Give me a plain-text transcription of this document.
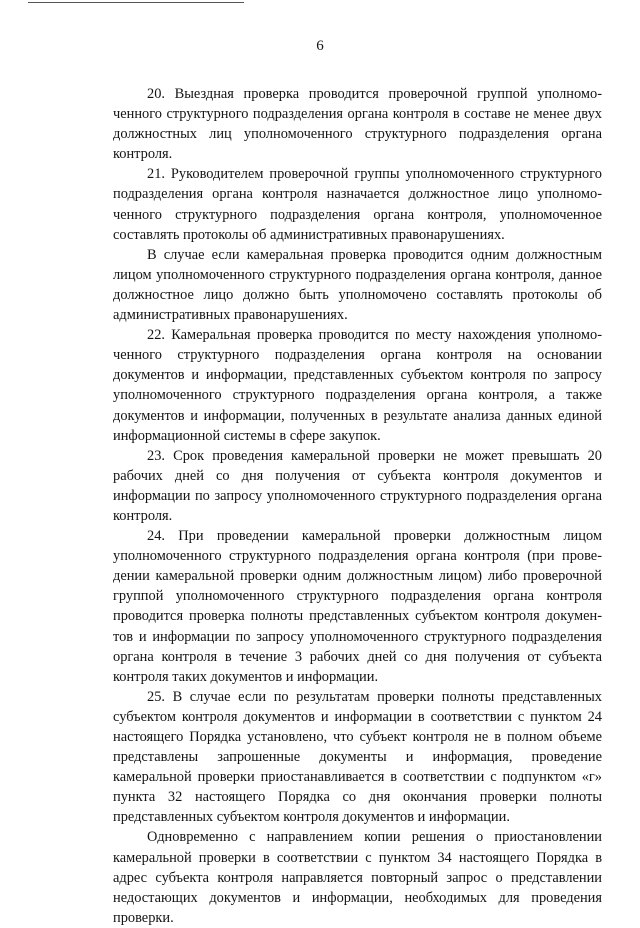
6

20. Выездная проверка проводится проверочной группой уполномоченного структурного подразделения органа контроля в составе не менее двух должностных лиц уполномоченного структурного подразделения органа контроля.

21. Руководителем проверочной группы уполномоченного структурного подразделения органа контроля назначается должностное лицо уполномоченного структурного подразделения органа контроля, уполномоченное составлять протоколы об административных правонарушениях.

В случае если камеральная проверка проводится одним должностным лицом уполномоченного структурного подразделения органа контроля, данное должностное лицо должно быть уполномочено составлять протоколы об административных правонарушениях.

22. Камеральная проверка проводится по месту нахождения уполномоченного структурного подразделения органа контроля на основании документов и информации, представленных субъектом контроля по запросу уполномоченного структурного подразделения органа контроля, а также документов и информации, полученных в результате анализа данных единой информационной системы в сфере закупок.

23. Срок проведения камеральной проверки не может превышать 20 рабочих дней со дня получения от субъекта контроля документов и информации по запросу уполномоченного структурного подразделения органа контроля.

24. При проведении камеральной проверки должностным лицом уполномоченного структурного подразделения органа контроля (при проведении камеральной проверки одним должностным лицом) либо проверочной группой уполномоченного структурного подразделения органа контроля проводится проверка полноты представленных субъектом контроля документов и информации по запросу уполномоченного структурного подразделения органа контроля в течение 3 рабочих дней со дня получения от субъекта контроля таких документов и информации.

25. В случае если по результатам проверки полноты представленных субъектом контроля документов и информации в соответствии с пунктом 24 настоящего Порядка установлено, что субъект контроля не в полном объеме представлены запрошенные документы и информация, проведение камеральной проверки приостанавливается в соответствии с подпунктом «г» пункта 32 настоящего Порядка со дня окончания проверки полноты представленных субъектом контроля документов и информации.

Одновременно с направлением копии решения о приостановлении камеральной проверки в соответствии с пунктом 34 настоящего Порядка в адрес субъекта контроля направляется повторный запрос о представлении недостающих документов и информации, необходимых для проведения проверки.
